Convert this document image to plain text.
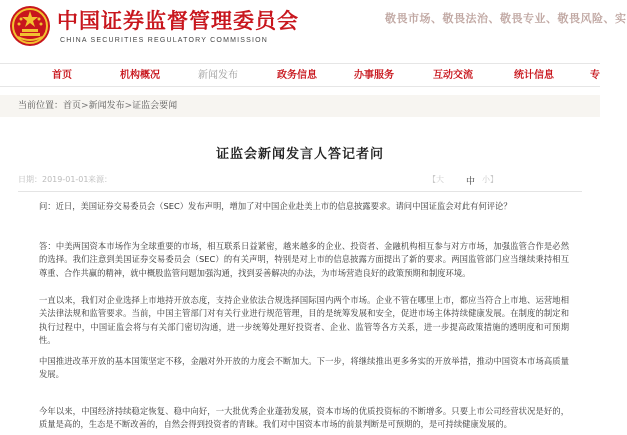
中国证券监督管理委员会
CHINA SECURITIES REGULATORY COMMISSION
敬畏市场、敬畏法治、敬畏专业、敬畏风险、实
首页	机构概况	新闻发布	政务信息	办事服务	互动交流	统计信息	专
当前位置：首页>新闻发布>证监会要闻
证监会新闻发言人答记者问
日期：2019-01-01 来源：	【大 中 小】

问：近日，美国证券交易委员会（SEC）发布声明，增加了对中国企业赴美上市的信息披露要求。请问中国证监会对此有何评论？

答：中美两国资本市场作为全球重要的市场，相互联系日益紧密，越来越多的企业、投资者、金融机构相互参与对方市场，加强监管合作是必然的选择。我们注意到美国证券交易委员会（SEC）的有关声明，特别是对上市的信息披露方面提出了新的要求。两国监管部门应当继续秉持相互尊重、合作共赢的精神，就中概股监管问题加强沟通，找到妥善解决的办法，为市场营造良好的政策预期和制度环境。

一直以来，我们对企业选择上市地持开放态度，支持企业依法合规选择国际国内两个市场。企业不管在哪里上市，都应当符合上市地、运营地相关法律法规和监管要求。当前，中国主管部门对有关行业进行规范管理，目的是统筹发展和安全，促进市场主体持续健康发展。在制度的制定和执行过程中，中国证监会将与有关部门密切沟通，进一步统筹处理好投资者、企业、监管等各方关系，进一步提高政策措施的透明度和可预期性。

中国推进改革开放的基本国策坚定不移，金融对外开放的力度会不断加大。下一步，将继续推出更多务实的开放举措，推动中国资本市场高质量发展。

今年以来，中国经济持续稳定恢复、稳中向好，一大批优秀企业蓬勃发展，资本市场的优质投资标的不断增多。只要上市公司经营状况是好的，质量是高的，生态是不断改善的，自然会得到投资者的青睐。我们对中国资本市场的前景判断是可预期的，是可持续健康发展的。
